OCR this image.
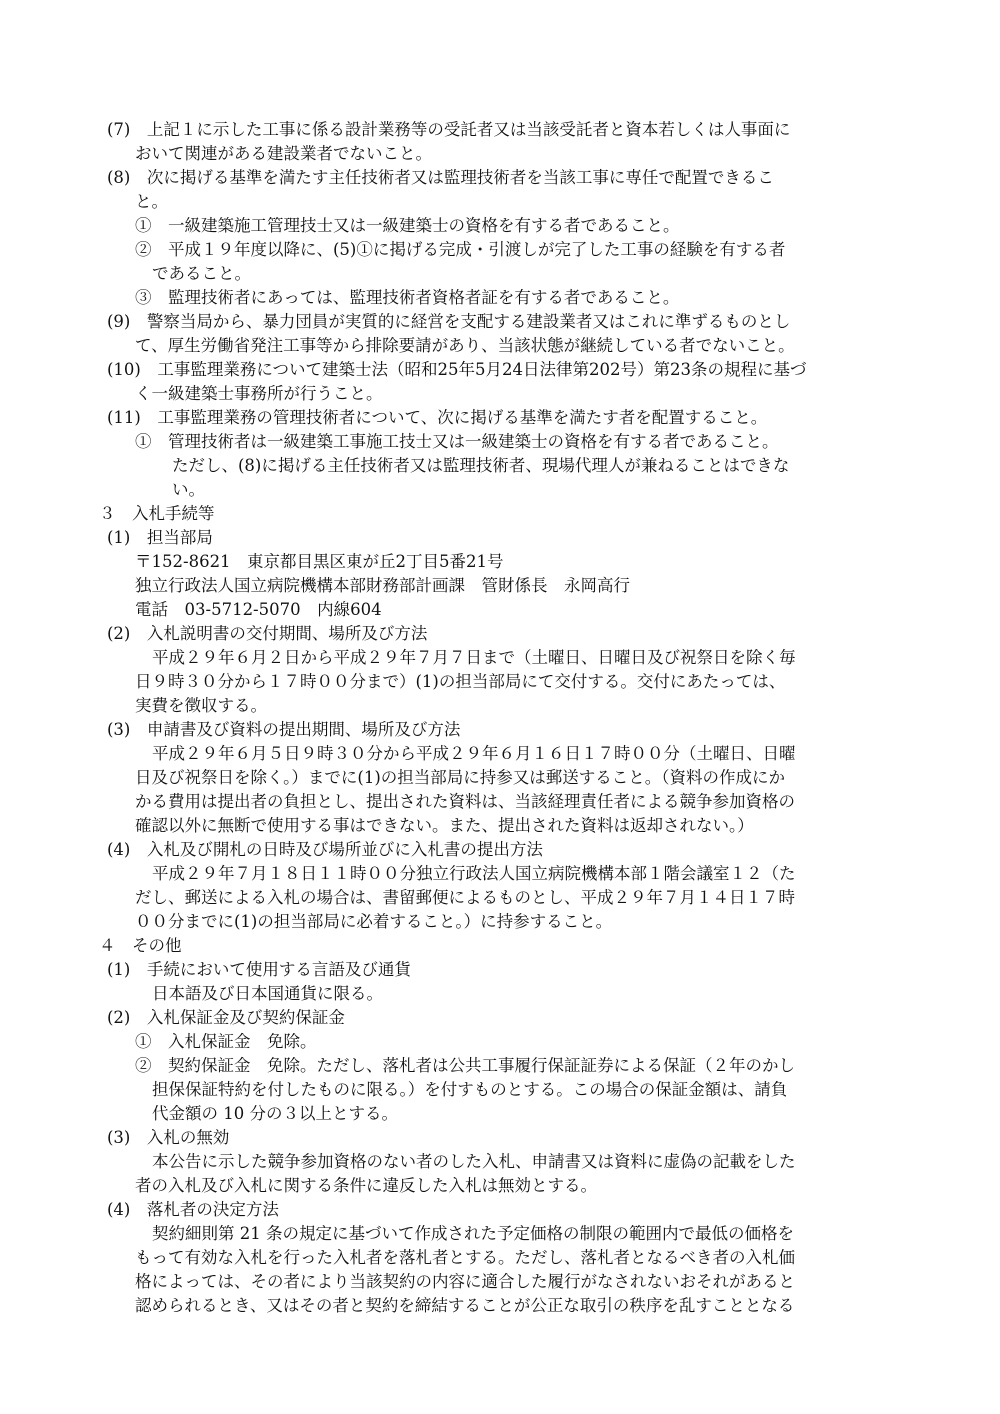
(7)　上記１に示した工事に係る設計業務等の受託者又は当該受託者と資本若しくは人事面に
おいて関連がある建設業者でないこと。
(8)　次に掲げる基準を満たす主任技術者又は監理技術者を当該工事に専任で配置できるこ
と。
①　一級建築施工管理技士又は一級建築士の資格を有する者であること。
②　平成１９年度以降に、(5)①に掲げる完成・引渡しが完了した工事の経験を有する者
であること。
③　監理技術者にあっては、監理技術者資格者証を有する者であること。
(9)　警察当局から、暴力団員が実質的に経営を支配する建設業者又はこれに準ずるものとし
て、厚生労働省発注工事等から排除要請があり、当該状態が継続している者でないこと。
(10)　工事監理業務について建築士法（昭和25年5月24日法律第202号）第23条の規程に基づ
く一級建築士事務所が行うこと。
(11)　工事監理業務の管理技術者について、次に掲げる基準を満たす者を配置すること。
①　管理技術者は一級建築工事施工技士又は一級建築士の資格を有する者であること。
ただし、(8)に掲げる主任技術者又は監理技術者、現場代理人が兼ねることはできな
い。
３　入札手続等
(1)　担当部局
〒152-8621　東京都目黒区東が丘2丁目5番21号
独立行政法人国立病院機構本部財務部計画課　管財係長　永岡高行
電話　03-5712-5070　内線604
(2)　入札説明書の交付期間、場所及び方法
平成２９年６月２日から平成２９年７月７日まで（土曜日、日曜日及び祝祭日を除く毎
日９時３０分から１７時００分まで）(1)の担当部局にて交付する。交付にあたっては、
実費を徴収する。
(3)　申請書及び資料の提出期間、場所及び方法
平成２９年６月５日９時３０分から平成２９年６月１６日１７時００分（土曜日、日曜
日及び祝祭日を除く。）までに(1)の担当部局に持参又は郵送すること。（資料の作成にか
かる費用は提出者の負担とし、提出された資料は、当該経理責任者による競争参加資格の
確認以外に無断で使用する事はできない。また、提出された資料は返却されない。）
(4)　入札及び開札の日時及び場所並びに入札書の提出方法
平成２９年７月１８日１１時００分独立行政法人国立病院機構本部１階会議室１２（た
だし、郵送による入札の場合は、書留郵便によるものとし、平成２９年７月１４日１７時
００分までに(1)の担当部局に必着すること。）に持参すること。
４　その他
(1)　手続において使用する言語及び通貨
日本語及び日本国通貨に限る。
(2)　入札保証金及び契約保証金
①　入札保証金　免除。
②　契約保証金　免除。ただし、落札者は公共工事履行保証証券による保証（２年のかし
担保保証特約を付したものに限る。）を付すものとする。この場合の保証金額は、請負
代金額の 10 分の３以上とする。
(3)　入札の無効
本公告に示した競争参加資格のない者のした入札、申請書又は資料に虚偽の記載をした
者の入札及び入札に関する条件に違反した入札は無効とする。
(4)　落札者の決定方法
契約細則第 21 条の規定に基づいて作成された予定価格の制限の範囲内で最低の価格を
もって有効な入札を行った入札者を落札者とする。ただし、落札者となるべき者の入札価
格によっては、その者により当該契約の内容に適合した履行がなされないおそれがあると
認められるとき、又はその者と契約を締結することが公正な取引の秩序を乱すこととなる
